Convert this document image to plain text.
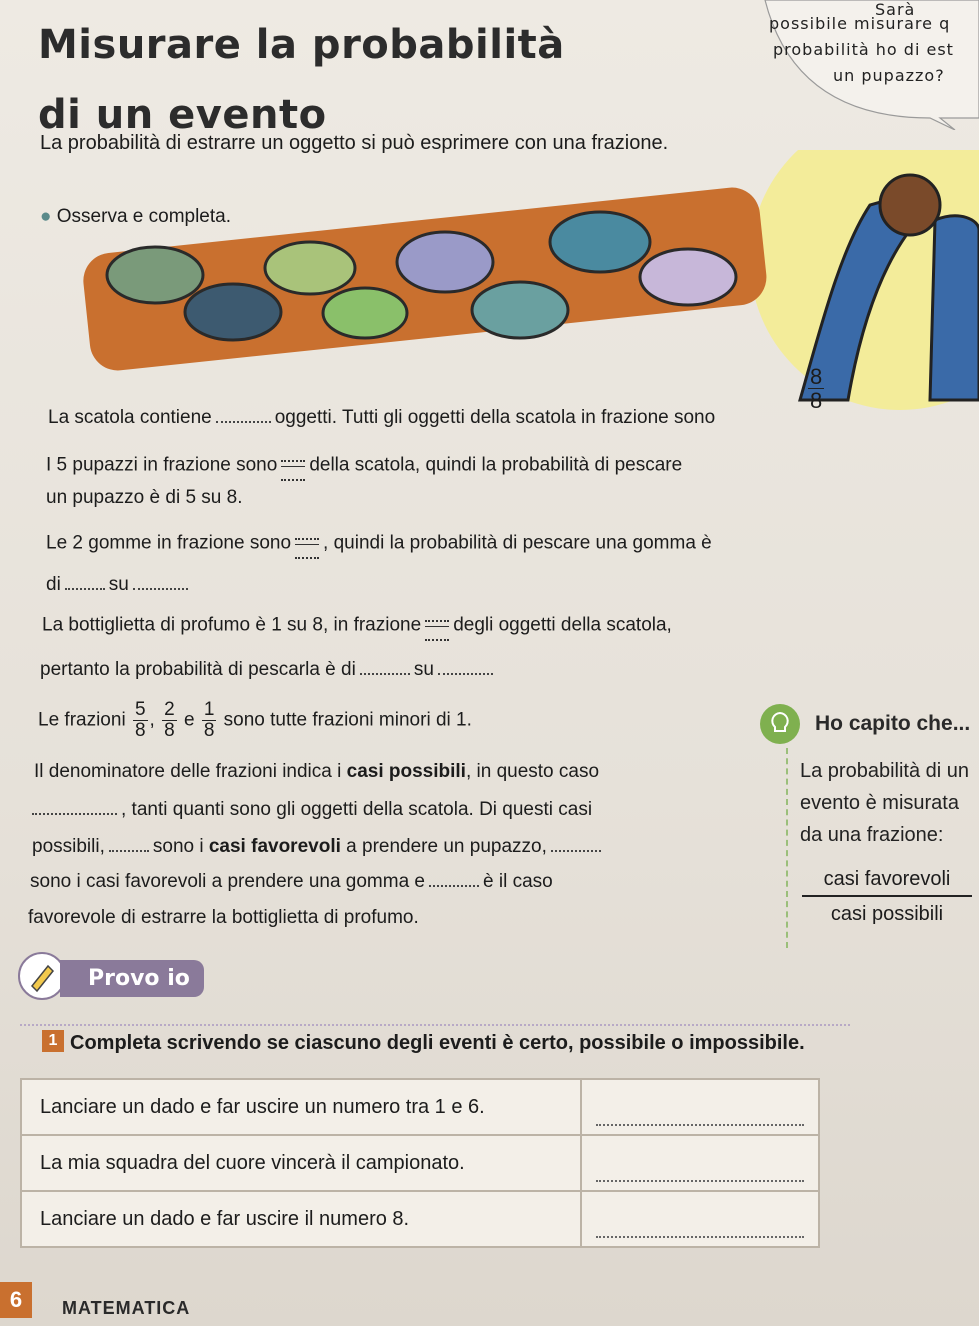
Misurare la probabilità
di un evento
La probabilità di estrarre un oggetto si può esprimere con una frazione.
Sarà
possibile misurare q
probabilità ho di est
un pupazzo?
● Osserva e completa.
La scatola contiene	oggetti. Tutti gli oggetti della scatola in frazione sono
$\frac{8}{8}$
I 5 pupazzi in frazione sono della scatola, quindi la probabilità di pescare
un pupazzo è di 5 su 8.
Le 2 gomme in frazione sono , quindi la probabilità di pescare una gomma è
di	su
La bottiglietta di profumo è 1 su 8, in frazione degli oggetti della scatola,
pertanto la probabilità di pescarla è di	su
Le frazioni $\frac{5}{8}$ , $\frac{2}{8}$ e $\frac{1}{8}$ sono tutte frazioni minori di 1.
Il denominatore delle frazioni indica i casi possibili, in questo caso
, tanti quanti sono gli oggetti della scatola. Di questi casi
possibili,	sono i casi favorevoli a prendere un pupazzo,
sono i casi favorevoli a prendere una gomma e	è il caso
favorevole di estrarre la bottiglietta di profumo.
Ho capito che...
La probabilità di un
evento è misurata
da una frazione:
casi favorevoli
casi possibili
Provo io
1 Completa scrivendo se ciascuno degli eventi è certo, possibile o impossibile.
Lanciare un dado e far uscire un numero tra 1 e 6.	

La mia squadra del cuore vincerà il campionato.	

Lanciare un dado e far uscire il numero 8.	
6	MATEMATICA
